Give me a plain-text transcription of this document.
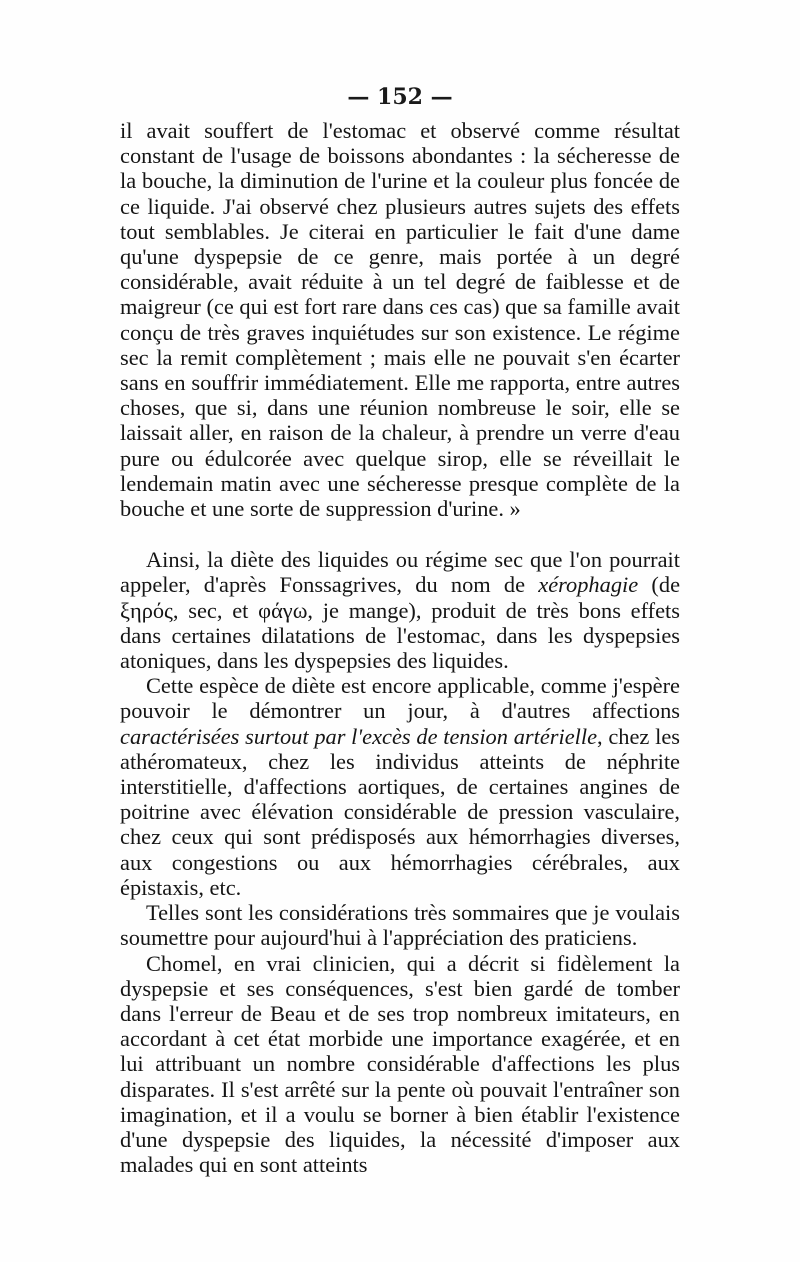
— 152 —

il avait souffert de l'estomac et observé comme résultat constant de l'usage de boissons abondantes : la sécheresse de la bouche, la diminution de l'urine et la couleur plus foncée de ce liquide. J'ai observé chez plusieurs autres sujets des effets tout semblables. Je citerai en particulier le fait d'une dame qu'une dyspepsie de ce genre, mais portée à un degré considérable, avait réduite à un tel degré de faiblesse et de maigreur (ce qui est fort rare dans ces cas) que sa famille avait conçu de très graves inquiétudes sur son existence. Le régime sec la remit complètement ; mais elle ne pouvait s'en écarter sans en souffrir immédiatement. Elle me rapporta, entre autres choses, que si, dans une réunion nombreuse le soir, elle se laissait aller, en raison de la chaleur, à prendre un verre d'eau pure ou édulcorée avec quelque sirop, elle se réveillait le lendemain matin avec une sécheresse presque complète de la bouche et une sorte de suppression d'urine. »

Ainsi, la diète des liquides ou régime sec que l'on pourrait appeler, d'après Fonssagrives, du nom de xérophagie (de ξηρός, sec, et φάγω, je mange), produit de très bons effets dans certaines dilatations de l'estomac, dans les dyspepsies atoniques, dans les dyspepsies des liquides.

Cette espèce de diète est encore applicable, comme j'espère pouvoir le démontrer un jour, à d'autres affections caractérisées surtout par l'excès de tension artérielle, chez les athéromateux, chez les individus atteints de néphrite interstitielle, d'affections aortiques, de certaines angines de poitrine avec élévation considérable de pression vasculaire, chez ceux qui sont prédisposés aux hémorrhagies diverses, aux congestions ou aux hémorrhagies cérébrales, aux épistaxis, etc.

Telles sont les considérations très sommaires que je voulais soumettre pour aujourd'hui à l'appréciation des praticiens.

Chomel, en vrai clinicien, qui a décrit si fidèlement la dyspepsie et ses conséquences, s'est bien gardé de tomber dans l'erreur de Beau et de ses trop nombreux imitateurs, en accordant à cet état morbide une importance exagérée, et en lui attribuant un nombre considérable d'affections les plus disparates. Il s'est arrêté sur la pente où pouvait l'entraîner son imagination, et il a voulu se borner à bien établir l'existence d'une dyspepsie des liquides, la nécessité d'imposer aux malades qui en sont atteints
